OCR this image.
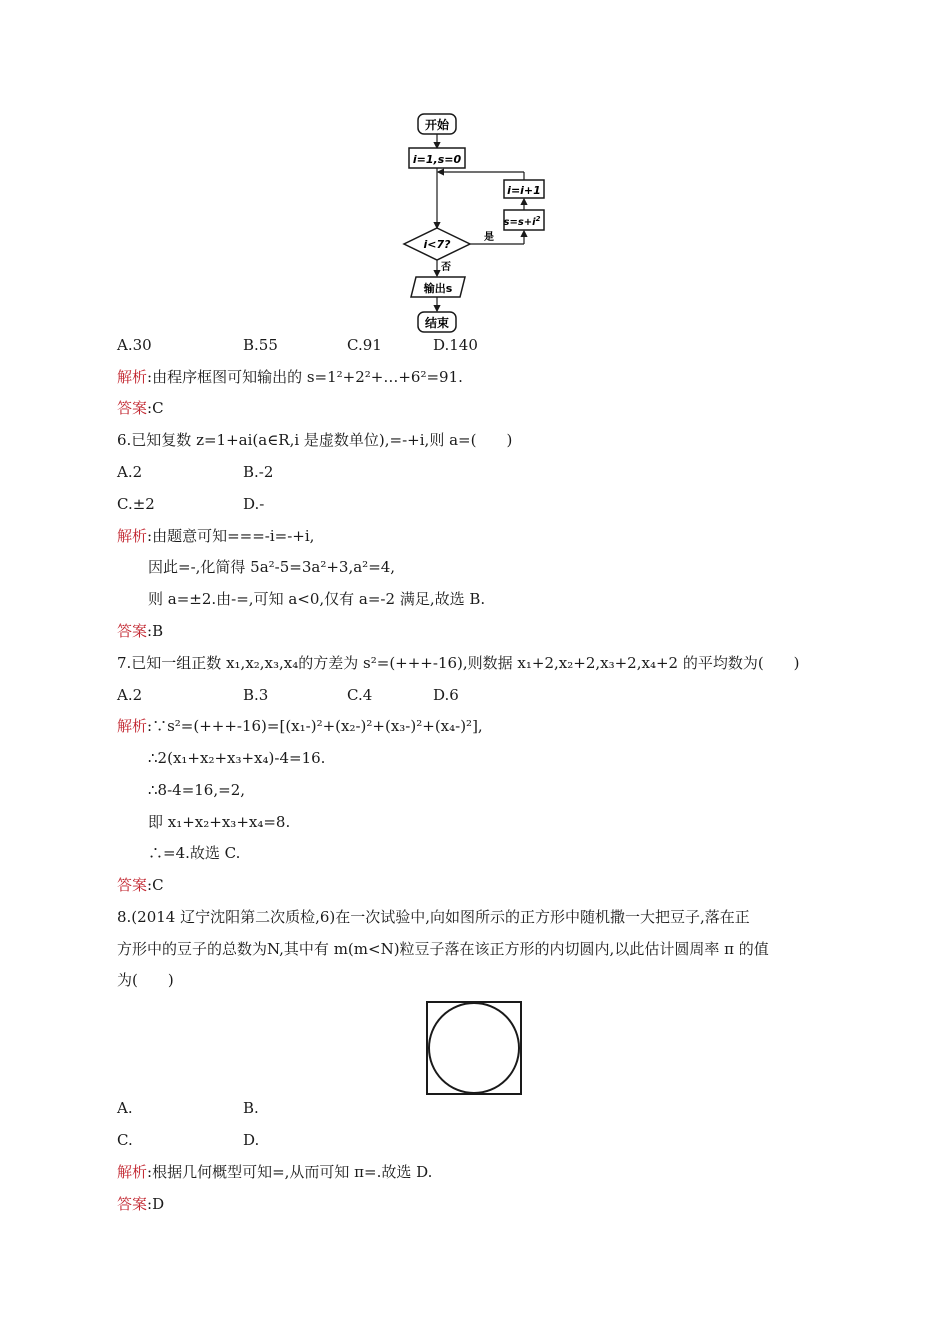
开始
i=1,s=0
i=i+1
$s=s+i^2$
i<7?
是
否
输出s
结束
A.30	B.55	C.91	D.140
解析:由程序框图可知输出的 s=1²+2²+…+6²=91.
答案:C
6.已知复数 z=1+ai(a∈R,i 是虚数单位),=-+i,则 a=(　　)
A.2	B.-2
C.±2	D.-
解析:由题意可知===-i=-+i,
因此=-,化简得 5a²-5=3a²+3,a²=4,
则 a=±2.由-=,可知 a<0,仅有 a=-2 满足,故选 B.
答案:B
7.已知一组正数 x₁,x₂,x₃,x₄的方差为 s²=(+++-16),则数据 x₁+2,x₂+2,x₃+2,x₄+2 的平均数为(　　)
A.2	B.3	C.4	D.6
解析:∵s²=(+++-16)=[(x₁-)²+(x₂-)²+(x₃-)²+(x₄-)²],
∴2(x₁+x₂+x₃+x₄)-4=16.
∴8-4=16,=2,
即 x₁+x₂+x₃+x₄=8.
∴=4.故选 C.
答案:C
8.(2014 辽宁沈阳第二次质检,6)在一次试验中,向如图所示的正方形中随机撒一大把豆子,落在正
方形中的豆子的总数为N,其中有 m(m<N)粒豆子落在该正方形的内切圆内,以此估计圆周率 π 的值
为(　　)
A.	B.
C.	D.
解析:根据几何概型可知=,从而可知 π=.故选 D.
答案:D
